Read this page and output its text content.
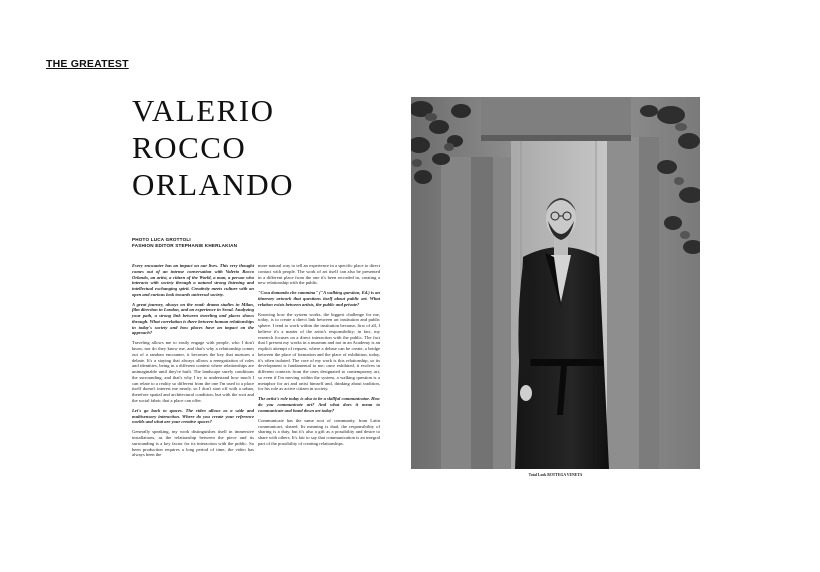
THE GREATEST
VALERIO
ROCCO
ORLANDO
PHOTO LUCA GROTTOLI
FASHION EDITOR STEPHANIE KHERLAKIAN

Every encounter has an impact on our lives. This very thought comes out of an intense conversation with Valerio Rocco Orlando, an artist, a citizen of the World, a man, a person who interacts with society through a natural strong listening and intellectual exchanging spirit. Creativity meets culture with an open and curious look towards universal society.

A great journey, always on the road: drama studies in Milan, film direction in London, and an experience in Seoul. Analyzing your path, a strong link between traveling and places shows through. What correlation is there between human relationships in today's society and how places have an impact on the approach?

Traveling allows me to easily engage with people, who I don't know, nor do they know me, and that's why a relationship comes out of a random encounter, it becomes the key that nurtures a debate. It's a staying that always allows a renegotiation of roles and identities, being in a different context where relationships are unimaginable until they're built. The landscape surely conditions the surrounding, and that's why I try to understand how much I can relate to a reality so different from the one I'm used to a place itself doesn't interest me nearly, so I don't start off with a urban, therefore spatial and architectural condition, but with the root and the social fabric that a place can offer.

Let's go back to spaces. The video allows as a wide and multisensory interaction. Where do you create your reference worlds and what are your creative spaces?

Generally speaking, my work distinguishes itself in immersive installations, as the relationship between the piece and its surrounding is a key factor for its interaction with the public. So been production requires a long period of time; the video has always been the

more natural way to tell an experience in a specific place to direct contact with people. The work of art itself can also be presented in a different place from the one it's been recorded in, creating a new relationship with the public.

"Cosa domanda che cammina" ("A walking question, Ed.) is an itinerary artwork that questions itself about public art. What relation exists between artists, the public and private?

Knowing how the system works, the biggest challenge for me, today, is to create a direct link between art institution and public sphere. I tend to work within the institution because, first of all, I believe it's a matter of the artist's responsibility; in fact, my research focuses on a direct interaction with the public. The fact that I present my works in a museum and not in an Academy is an explicit attempt of request, where a debate can be create, a bridge between the place of formation and the place of exhibition, today, it's often isolated. The core of my work is this relationship, so its development is fundamental to me; once exhibited, it evolves in different contexts from the ones designated to contemporary art, so even if I'm moving within the system, a walking question is a metaphor for art and artist himself and, thinking about tradition, for his role as active citizen in society.

The artist's role today is also to be a skillful communicator. How do you communicate art? And what does it mean to communicate and hand down art today?

Communicate has the same root of community, from Latin communicari, shared. Its meaning is dual, the responsibility of sharing is a duty, but it's also a gift as a possibility and desire to share with others. It's fair to say that communication is an integral part of the possibility of creating relationships.

Total Look BOTTEGA VENETA
